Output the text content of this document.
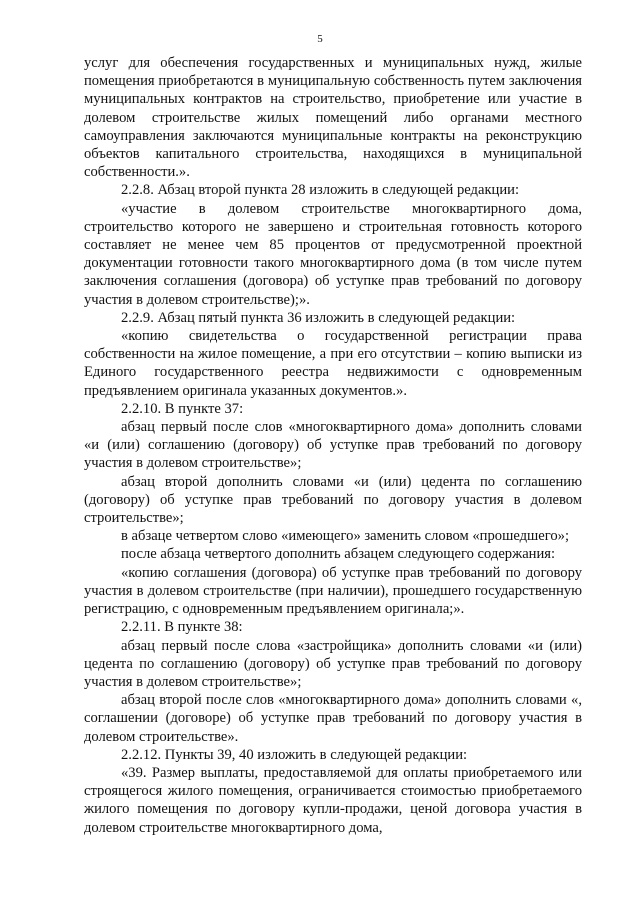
5

услуг для обеспечения государственных и муниципальных нужд, жилые помещения приобретаются в муниципальную собственность путем заключения муниципальных контрактов на строительство, приобретение или участие в долевом строительстве жилых помещений либо органами местного самоуправления заключаются муниципальные контракты на реконструкцию объектов капитального строительства, находящихся в муниципальной собственности.».

2.2.8. Абзац второй пункта 28 изложить в следующей редакции:

«участие в долевом строительстве многоквартирного дома, строительство которого не завершено и строительная готовность которого составляет не менее чем 85 процентов от предусмотренной проектной документации готовности такого многоквартирного дома (в том числе путем заключения соглашения (договора) об уступке прав требований по договору участия в долевом строительстве);».

2.2.9. Абзац пятый пункта 36 изложить в следующей редакции:

«копию свидетельства о государственной регистрации права собственности на жилое помещение, а при его отсутствии – копию выписки из Единого государственного реестра недвижимости с одновременным предъявлением оригинала указанных документов.».

2.2.10. В пункте 37:

абзац первый после слов «многоквартирного дома» дополнить словами «и (или) соглашению (договору) об уступке прав требований по договору участия в долевом строительстве»;

абзац второй дополнить словами «и (или) цедента по соглашению (договору) об уступке прав требований по договору участия в долевом строительстве»;

в абзаце четвертом слово «имеющего» заменить словом «прошедшего»;

после абзаца четвертого дополнить абзацем следующего содержания:

«копию соглашения (договора) об уступке прав требований по договору участия в долевом строительстве (при наличии), прошедшего государственную регистрацию, с одновременным предъявлением оригинала;».

2.2.11. В пункте 38:

абзац первый после слова «застройщика» дополнить словами «и (или) цедента по соглашению (договору) об уступке прав требований по договору участия в долевом строительстве»;

абзац второй после слов «многоквартирного дома» дополнить словами «, соглашении (договоре) об уступке прав требований по договору участия в долевом строительстве».

2.2.12. Пункты 39, 40 изложить в следующей редакции:

«39. Размер выплаты, предоставляемой для оплаты приобретаемого или строящегося жилого помещения, ограничивается стоимостью приобретаемого жилого помещения по договору купли-продажи, ценой договора участия в долевом строительстве многоквартирного дома,
